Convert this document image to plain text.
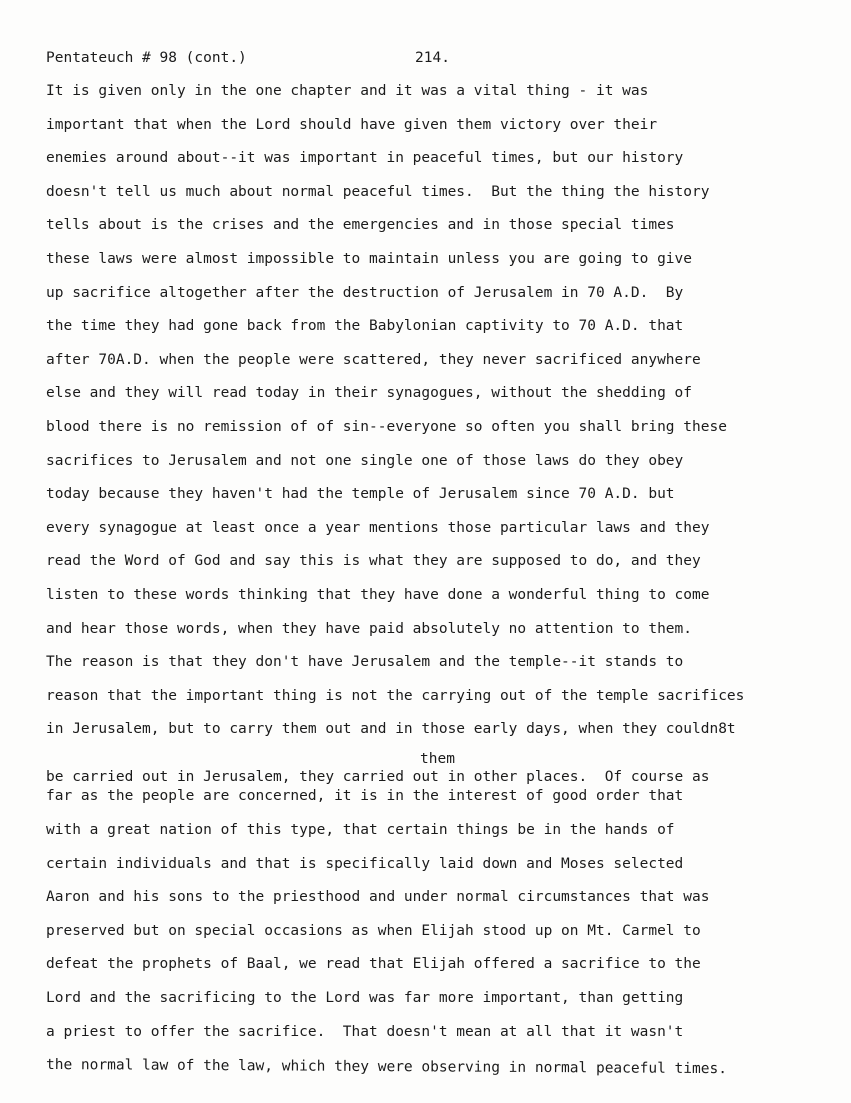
Pentateuch # 98 (cont.)

	214.

It is given only in the one chapter and it was a vital thing - it was
important that when the Lord should have given them victory over their
enemies around about--it was important in peaceful times, but our history
doesn't tell us much about normal peaceful times.  But the thing the history
tells about is the crises and the emergencies and in those special times
these laws were almost impossible to maintain unless you are going to give
up sacrifice altogether after the destruction of Jerusalem in 70 A.D.  By
the time they had gone back from the Babylonian captivity to 70 A.D. that
after 70A.D. when the people were scattered, they never sacrificed anywhere
else and they will read today in their synagogues, without the shedding of
blood there is no remission of of sin--everyone so often you shall bring these
sacrifices to Jerusalem and not one single one of those laws do they obey
today because they haven't had the temple of Jerusalem since 70 A.D. but
every synagogue at least once a year mentions those particular laws and they
read the Word of God and say this is what they are supposed to do, and they
listen to these words thinking that they have done a wonderful thing to come
and hear those words, when they have paid absolutely no attention to them.
The reason is that they don't have Jerusalem and the temple--it stands to
reason that the important thing is not the carrying out of the temple sacrifices
in Jerusalem, but to carry them out and in those early days, when they couldn8t

them

be carried out in Jerusalem, they carried out in other places.  Of course as

far as the people are concerned, it is in the interest of good order that
with a great nation of this type, that certain things be in the hands of
certain individuals and that is specifically laid down and Moses selected
Aaron and his sons to the priesthood and under normal circumstances that was
preserved but on special occasions as when Elijah stood up on Mt. Carmel to
defeat the prophets of Baal, we read that Elijah offered a sacrifice to the
Lord and the sacrificing to the Lord was far more important, than getting
a priest to offer the sacrifice.  That doesn't mean at all that it wasn't
the normal law of the law, which they were observing in normal peaceful times.
